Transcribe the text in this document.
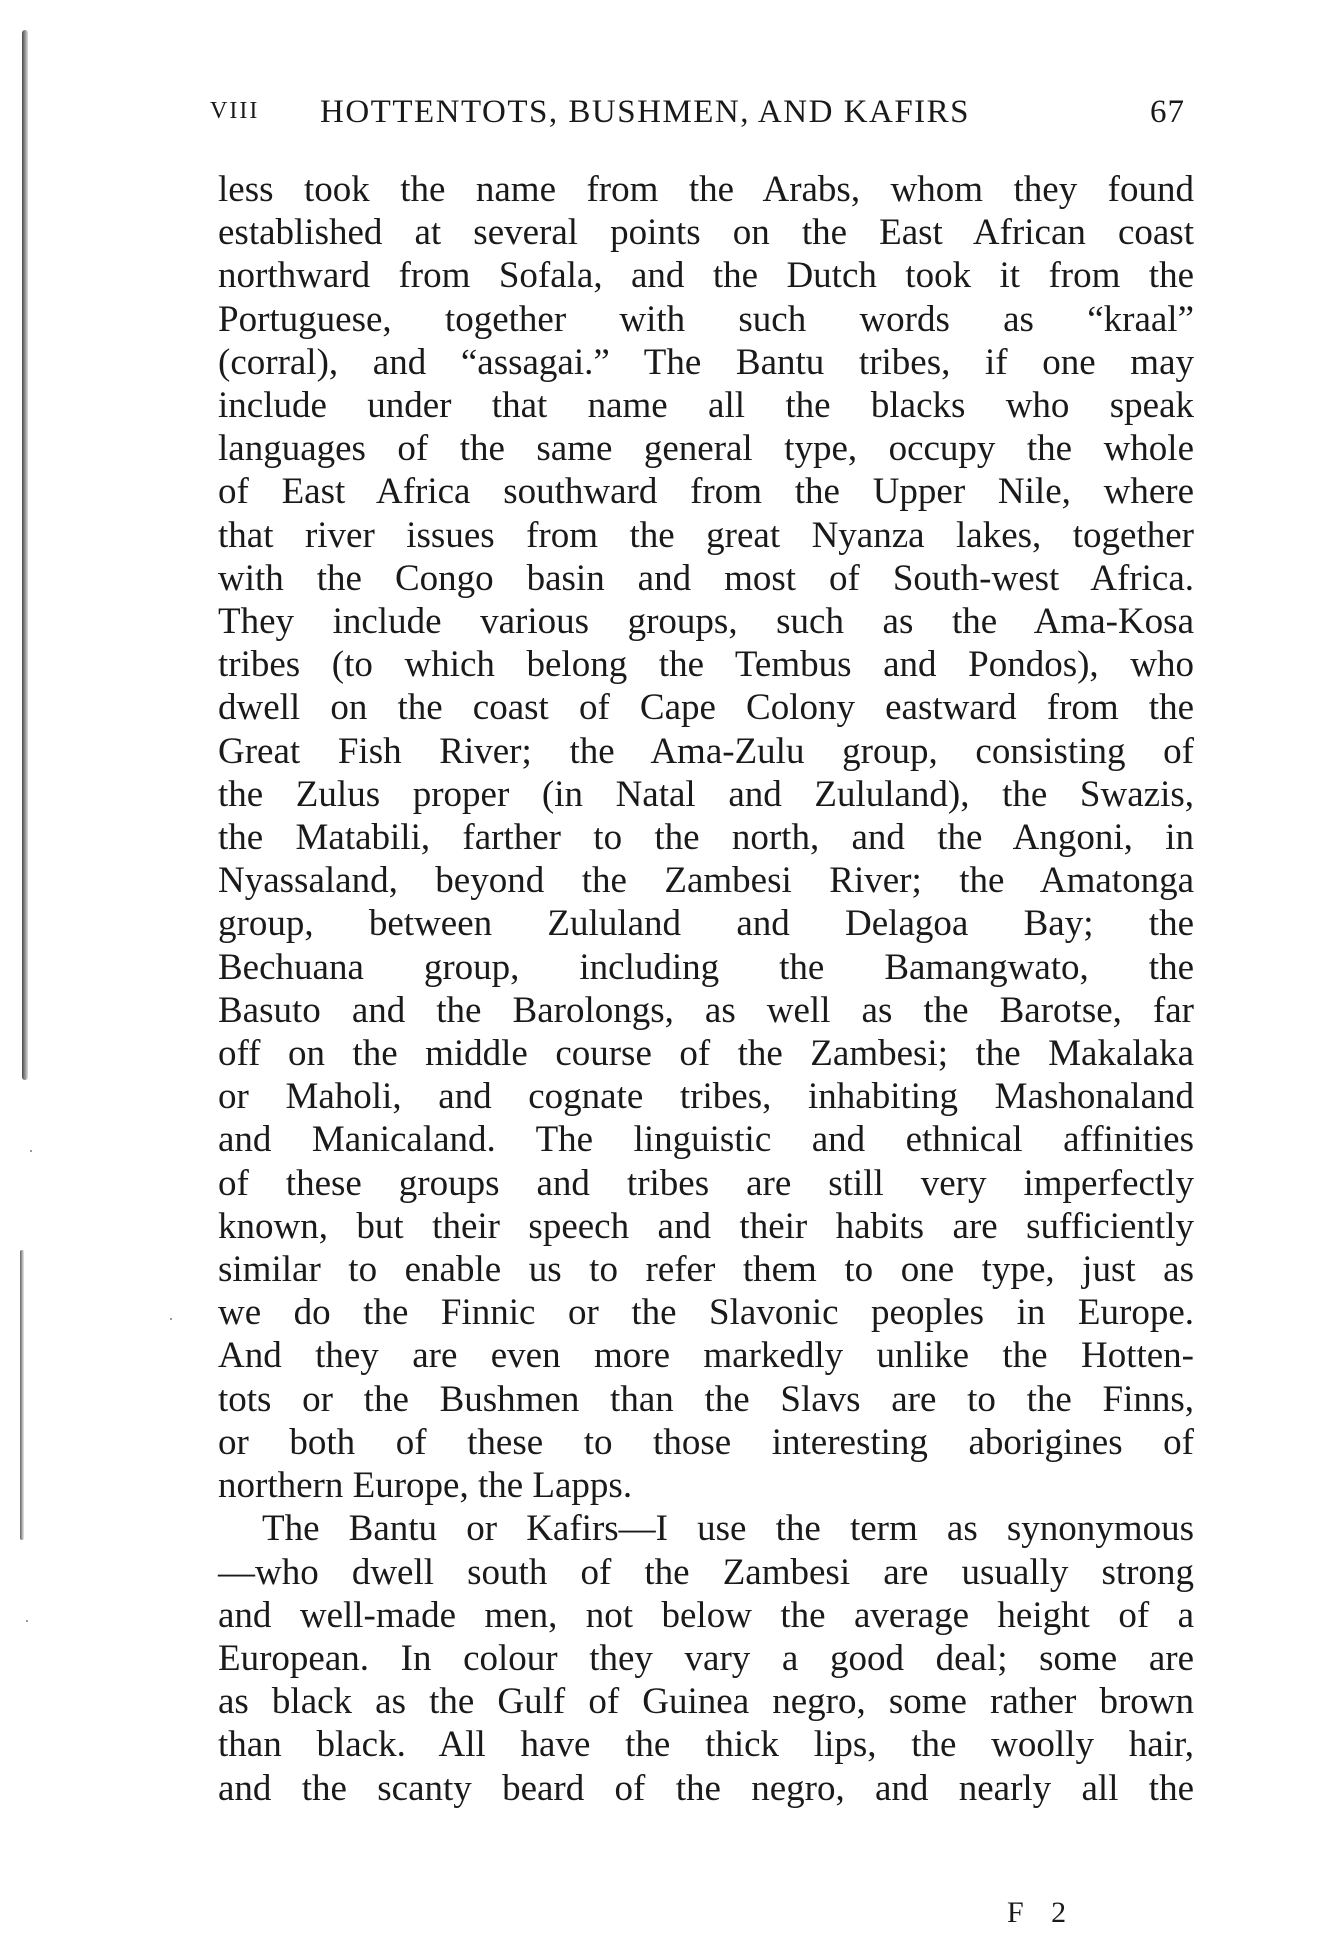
VIII HOTTENTOTS, BUSHMEN, AND KAFIRS	67

less took the name from the Arabs, whom they found
established at several points on the East African coast
northward from Sofala, and the Dutch took it from the
Portuguese, together with such words as “kraal”
(corral), and “assagai.” The Bantu tribes, if one may
include under that name all the blacks who speak
languages of the same general type, occupy the whole
of East Africa southward from the Upper Nile, where
that river issues from the great Nyanza lakes, together
with the Congo basin and most of South-west Africa.
They include various groups, such as the Ama-Kosa
tribes (to which belong the Tembus and Pondos), who
dwell on the coast of Cape Colony eastward from the
Great Fish River; the Ama-Zulu group, consisting of
the Zulus proper (in Natal and Zululand), the Swazis,
the Matabili, farther to the north, and the Angoni, in
Nyassaland, beyond the Zambesi River; the Amatonga
group, between Zululand and Delagoa Bay; the
Bechuana group, including the Bamangwato, the
Basuto and the Barolongs, as well as the Barotse, far
off on the middle course of the Zambesi; the Makalaka
or Maholi, and cognate tribes, inhabiting Mashonaland
and Manicaland. The linguistic and ethnical affinities
of these groups and tribes are still very imperfectly
known, but their speech and their habits are sufficiently
similar to enable us to refer them to one type, just as
we do the Finnic or the Slavonic peoples in Europe.
And they are even more markedly unlike the Hotten-
tots or the Bushmen than the Slavs are to the Finns,
or both of these to those interesting aborigines of
northern Europe, the Lapps.

The Bantu or Kafirs—I use the term as synonymous
—who dwell south of the Zambesi are usually strong
and well-made men, not below the average height of a
European. In colour they vary a good deal; some are
as black as the Gulf of Guinea negro, some rather brown
than black. All have the thick lips, the woolly hair,
and the scanty beard of the negro, and nearly all the

F 2
